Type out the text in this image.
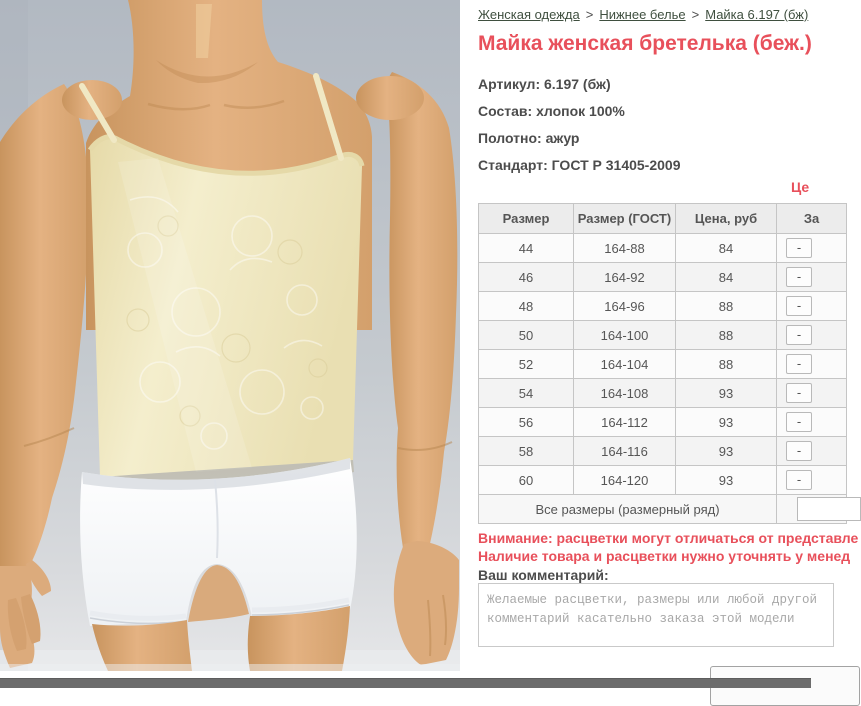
Женская одежда > Нижнее белье > Майка 6.197 (бж)
Майка женская бретелька (беж.)
Артикул: 6.197 (бж)
Состав: хлопок 100%
Полотно: ажур
Стандарт: ГОСТ Р 31405-2009
Це
Размер	Размер (ГОСТ)	Цена, руб	За
44	164-88	84	-
46	164-92	84	-
48	164-96	88	-
50	164-100	88	-
52	164-104	88	-
54	164-108	93	-
56	164-112	93	-
58	164-116	93	-
60	164-120	93	-
Все размеры (размерный ряд)	
Внимание: расцветки могут отличаться от представле
Наличие товара и расцветки нужно уточнять у менед
Ваш комментарий:
Желаемые расцветки, размеры или любой другой комментарий касательно заказа этой модели
